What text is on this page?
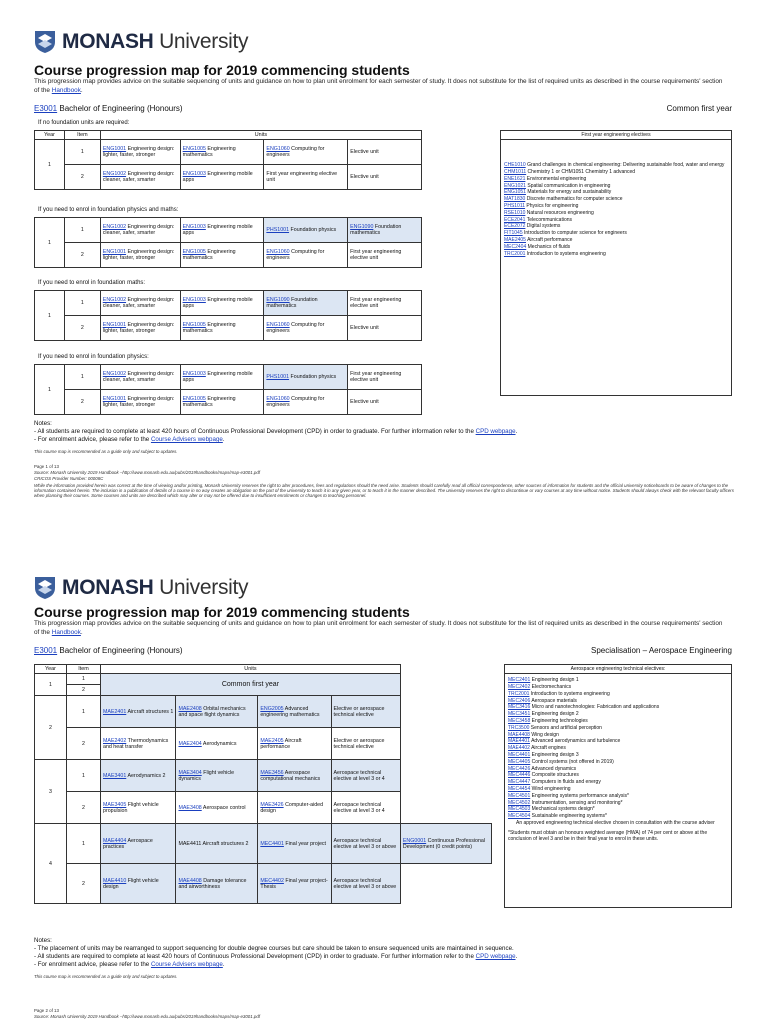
MONASH University
Course progression map for 2019 commencing students
This progression map provides advice on the suitable sequencing of units and guidance on how to plan unit enrolment for each semester of study. It does not substitute for the list of required units as described in the course requirements' section of the Handbook.
E3001 Bachelor of Engineering (Honours)	Common first year
If no foundation units are required:
Year	Item	Units			
1	1	ENG1001 Engineering design: lighter, faster, stronger	ENG1005 Engineering mathematics	ENG1060 Computing for engineers	Elective unit
	2	ENG1002 Engineering design: cleaner, safer, smarter	ENG1003 Engineering mobile apps	First year engineering elective unit	Elective unit
If you need to enrol in foundation physics and maths:
1	1	ENG1002 Engineering design: cleaner, safer, smarter	ENG1003 Engineering mobile apps	PHS1001 Foundation physics	ENG1090 Foundation mathematics
	2	ENG1001 Engineering design: lighter, faster, stronger	ENG1005 Engineering mathematics	ENG1060 Computing for engineers	First year engineering elective unit
If you need to enrol in foundation maths:
1	1	ENG1002 Engineering design: cleaner, safer, smarter	ENG1003 Engineering mobile apps	ENG1090 Foundation mathematics	First year engineering elective unit
	2	ENG1001 Engineering design: lighter, faster, stronger	ENG1005 Engineering mathematics	ENG1060 Computing for engineers	Elective unit
If you need to enrol in foundation physics:
1	1	ENG1002 Engineering design: cleaner, safer, smarter	ENG1003 Engineering mobile apps	PHS1001 Foundation physics	First year engineering elective unit
	2	ENG1001 Engineering design: lighter, faster, stronger	ENG1005 Engineering mathematics	ENG1060 Computing for engineers	Elective unit
First year engineering electives
CHE1010 Grand challenges in chemical engineering: Delivering sustainable food, water and energy
CHM1011 Chemistry 1 or CHM1051 Chemistry 1 advanced
ENE1621 Environmental engineering
ENG1021 Spatial communication in engineering
ENG1051 Materials for energy and sustainability
MAT1830 Discrete mathematics for computer science
PHS1011 Physics for engineering
RSE1010 Natural resources engineering
ECE2041 Telecommunications
ECE2072 Digital systems
FIT1045 Introduction to computer science for engineers
MAE2405 Aircraft performance
MEC2404 Mechanics of fluids
TRC2001 Introduction to systems engineering
Notes:
- All students are required to complete at least 420 hours of Continuous Professional Development (CPD) in order to graduate. For further information refer to the CPD webpage.
- For enrolment advice, please refer to the Course Advisers webpage.
This course map is recommended as a guide only and subject to updates.
Page 1 of 13
Source: Monash University 2019 Handbook –http://www.monash.edu.au/pubs/2019handbooks/maps/map-e3001.pdf
CRICOS Provider Number: 00008C
While the information provided herein was correct at the time of viewing and/or printing, Monash University reserves the right to alter procedures, fees and regulations should the need arise. Students should carefully read all official correspondence, other sources of information for students and the official university noticeboards to be aware of changes to the information contained herein. The inclusion in a publication of details of a course in no way creates an obligation on the part of the university to teach it in any given year, or to teach it in the manner described. The university reserves the right to discontinue or vary courses at any time without notice. Students should always check with the relevant faculty officers when planning their courses. Some courses and units are described which may alter or may not be offered due to insufficient enrolments or changes to teaching personnel.
MONASH University
Course progression map for 2019 commencing students
This progression map provides advice on the suitable sequencing of units and guidance on how to plan unit enrolment for each semester of study. It does not substitute for the list of required units as described in the course requirements' section of the Handbook.
E3001 Bachelor of Engineering (Honours)	Specialisation – Aerospace Engineering
Year	Item	Units				
1	1	Common first year				
	2					
2	1	MAE2401 Aircraft structures 1	MAE2408 Orbital mechanics and space flight dynamics	ENG2005 Advanced engineering mathematics	Elective or aerospace technical elective	
	2	MAE2402 Thermodynamics and heat transfer	MAE2404 Aerodynamics	MAE2405 Aircraft performance	Elective or aerospace technical elective	
3	1	MAE3401 Aerodynamics 2	MAE3404 Flight vehicle dynamics	MAE3456 Aerospace computational mechanics	Aerospace technical elective at level 3 or 4	
	2	MAE3405 Flight vehicle propulsion	MAE3408 Aerospace control	MAE3426 Computer-aided design	Aerospace technical elective at level 3 or 4	
4	1	MAE4404 Aerospace practices	MAE4411 Aircraft structures 2	MEC4401 Final year project	Aerospace technical elective at level 3 or above	ENG0001 Continuous Professional Development (0 credit points)
	2	MAE4410 Flight vehicle design	MAE4408 Damage tolerance and airworthiness	MEC4402 Final year project- Thesis	Aerospace technical elective at level 3 or above	
Aerospace engineering technical electives:
MEC2401 Engineering design 1
MEC2402 Electromechanics
TRC2001 Introduction to systems engineering
MEC2406 Aerospace materials
MEC3416 Micro and nanotechnologies: Fabrication and applications
MEC3451 Engineering design 2
MEC3458 Engineering technologies
TRC3500 Sensors and artificial perception
MAE4408 Wing design
MAE4401 Advanced aerodynamics and turbulence
MAE4402 Aircraft engines
MEC4401 Engineering design 3
MEC4405 Control systems (not offered in 2019)
MEC4426 Advanced dynamics
MEC4446 Composite structures
MEC4447 Computers in fluids and energy
MEC4454 Wind engineering
MEC4501 Engineering systems performance analysis*
MEC4502 Instrumentation, sensing and monitoring*
MEC4503 Mechanical systems design*
MEC4504 Sustainable engineering systems*
An approved engineering technical elective chosen in consultation with the course adviser
*Students must obtain an honours weighted average (HWA) of 74 per cent or above at the conclusion of level 3 and be in their final year to enrol in these units.
Notes:
- The placement of units may be rearranged to support sequencing for double degree courses but care should be taken to ensure sequenced units are maintained in sequence.
- All students are required to complete at least 420 hours of Continuous Professional Development (CPD) in order to graduate. For further information refer to the CPD webpage.
- For enrolment advice, please refer to the Course Advisers webpage.
This course map is recommended as a guide only and subject to updates.
Page 2 of 13
Source: Monash University 2019 Handbook –http://www.monash.edu.au/pubs/2019handbooks/maps/map-e3001.pdf
